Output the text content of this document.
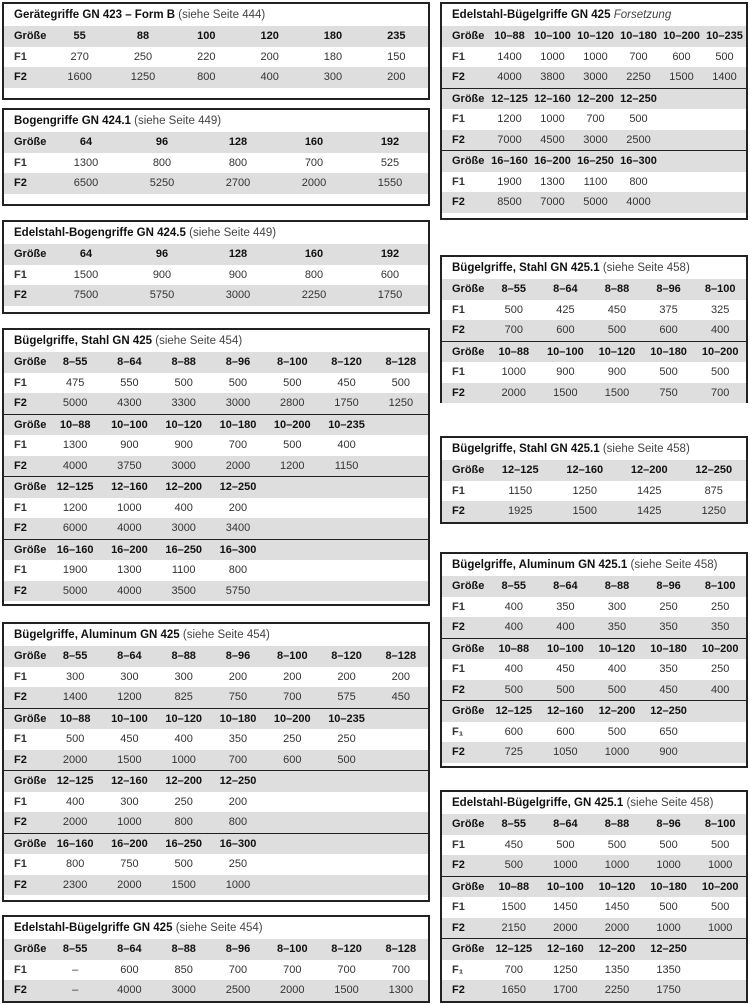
Gerätegriffe GN 423 – Form B (siehe Seite 444)
Größe	55	88	100	120	180	235
F1	270	250	220	200	180	150
F2	1600	1250	800	400	300	200
Bogengriffe GN 424.1 (siehe Seite 449)
Größe	64	96	128	160	192
F1	1300	800	800	700	525
F2	6500	5250	2700	2000	1550
Edelstahl-Bogengriffe GN 424.5 (siehe Seite 449)
Größe	64	96	128	160	192
F1	1500	900	900	800	600
F2	7500	5750	3000	2250	1750
Bügelgriffe, Stahl GN 425 (siehe Seite 454)
Größe	8–55	8–64	8–88	8–96	8–100	8–120	8–128
F1	475	550	500	500	500	450	500
F2	5000	4300	3300	3000	2800	1750	1250
Größe	10–88	10–100	10–120	10–180	10–200	10–235	
F1	1300	900	900	700	500	400	
F2	4000	3750	3000	2000	1200	1150	
Größe	12–125	12–160	12–200	12–250			
F1	1200	1000	400	200			
F2	6000	4000	3000	3400			
Größe	16–160	16–200	16–250	16–300			
F1	1900	1300	1100	800			
F2	5000	4000	3500	5750			
Bügelgriffe, Aluminum GN 425 (siehe Seite 454)
Größe	8–55	8–64	8–88	8–96	8–100	8–120	8–128
F1	300	300	300	200	200	200	200
F2	1400	1200	825	750	700	575	450
Größe	10–88	10–100	10–120	10–180	10–200	10–235	
F1	500	450	400	350	250	250	
F2	2000	1500	1000	700	600	500	
Größe	12–125	12–160	12–200	12–250			
F1	400	300	250	200			
F2	2000	1000	800	800			
Größe	16–160	16–200	16–250	16–300			
F1	800	750	500	250			
F2	2300	2000	1500	1000			
Edelstahl-Bügelgriffe GN 425 (siehe Seite 454)
Größe	8–55	8–64	8–88	8–96	8–100	8–120	8–128
F1	–	600	850	700	700	700	700
F2	–	4000	3000	2500	2000	1500	1300
Edelstahl-Bügelgriffe GN 425 Forsetzung
Größe	10–88	10–100	10–120	10–180	10–200	10–235
F1	1400	1000	1000	700	600	500
F2	4000	3800	3000	2250	1500	1400
Größe	12–125	12–160	12–200	12–250		
F1	1200	1000	700	500		
F2	7000	4500	3000	2500		
Größe	16–160	16–200	16–250	16–300		
F1	1900	1300	1100	800		
F2	8500	7000	5000	4000		
Bügelgriffe, Stahl GN 425.1 (siehe Seite 458)
Größe	8–55	8–64	8–88	8–96	8–100
F1	500	425	450	375	325
F2	700	600	500	600	400
Größe	10–88	10–100	10–120	10–180	10–200
F1	1000	900	900	500	500
F2	2000	1500	1500	750	700
Bügelgriffe, Stahl GN 425.1 (siehe Seite 458)
Größe	12–125	12–160	12–200	12–250
F1	1150	1250	1425	875
F2	1925	1500	1425	1250
Bügelgriffe, Aluminum GN 425.1 (siehe Seite 458)
Größe	8–55	8–64	8–88	8–96	8–100
F1	400	350	300	250	250
F2	400	400	350	350	350
Größe	10–88	10–100	10–120	10–180	10–200
F1	400	450	400	350	250
F2	500	500	500	450	400
Größe	12–125	12–160	12–200	12–250	
F₁	600	600	500	650	
F2	725	1050	1000	900	
Edelstahl-Bügelgriffe, GN 425.1 (siehe Seite 458)
Größe	8–55	8–64	8–88	8–96	8–100
F1	450	500	500	500	500
F2	500	1000	1000	1000	1000
Größe	10–88	10–100	10–120	10–180	10–200
F1	1500	1450	1450	500	500
F2	2150	2000	2000	1000	1000
Größe	12–125	12–160	12–200	12–250	
F₁	700	1250	1350	1350	
F2	1650	1700	2250	1750	
